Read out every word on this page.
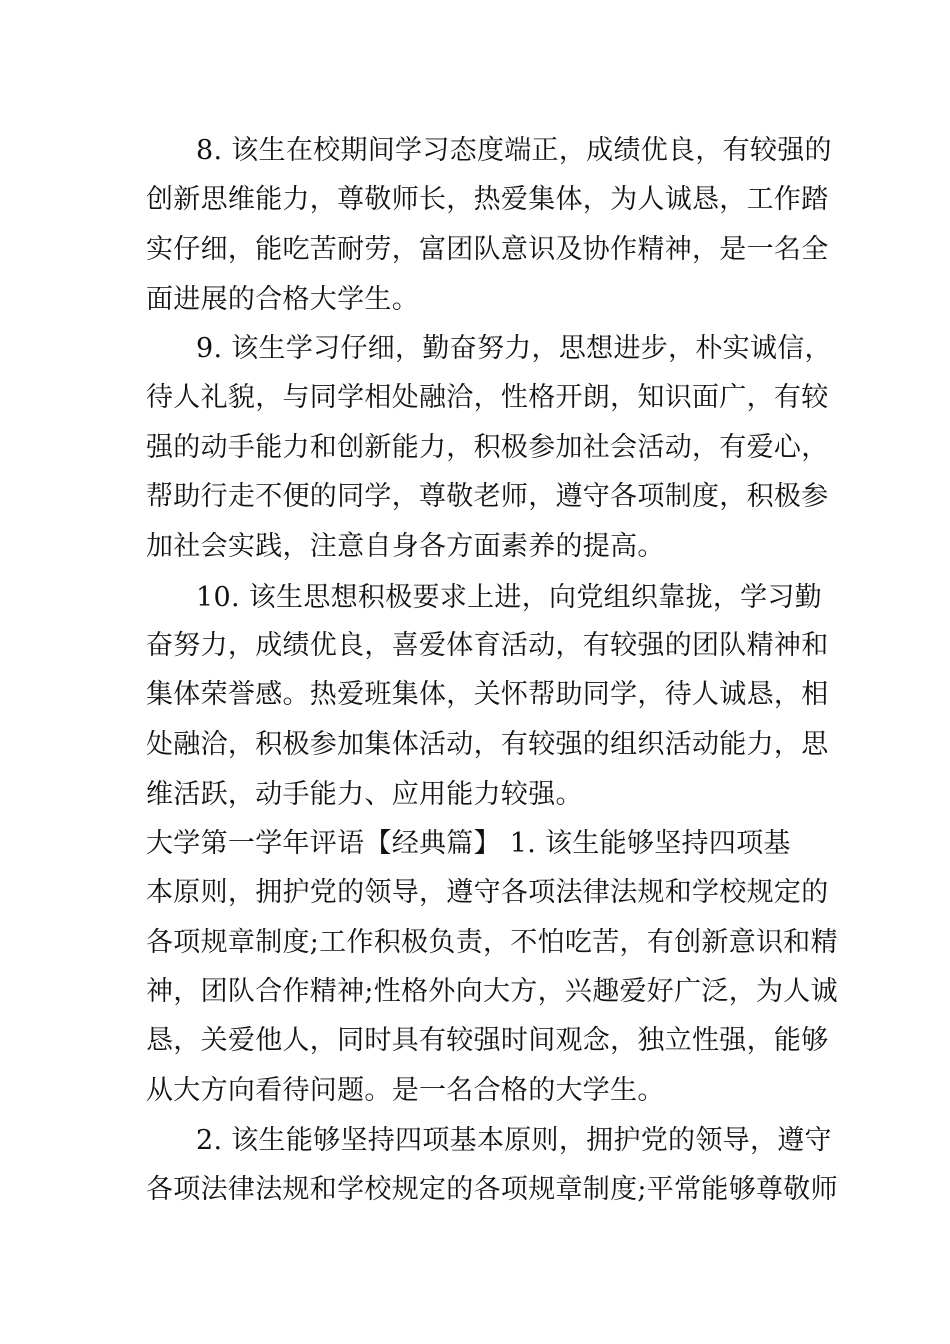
8. 该生在校期间学习态度端正，成绩优良，有较强的
创新思维能力，尊敬师长，热爱集体，为人诚恳，工作踏
实仔细，能吃苦耐劳，富团队意识及协作精神，是一名全
面进展的合格大学生。
9. 该生学习仔细，勤奋努力，思想进步，朴实诚信，
待人礼貌，与同学相处融洽，性格开朗，知识面广，有较
强的动手能力和创新能力，积极参加社会活动，有爱心，
帮助行走不便的同学，尊敬老师，遵守各项制度，积极参
加社会实践，注意自身各方面素养的提高。
10. 该生思想积极要求上进，向党组织靠拢，学习勤
奋努力，成绩优良，喜爱体育活动，有较强的团队精神和
集体荣誉感。热爱班集体，关怀帮助同学，待人诚恳，相
处融洽，积极参加集体活动，有较强的组织活动能力，思
维活跃，动手能力、应用能力较强。
大学第一学年评语【经典篇】 1. 该生能够坚持四项基
本原则，拥护党的领导，遵守各项法律法规和学校规定的
各项规章制度;工作积极负责，不怕吃苦，有创新意识和精
神，团队合作精神;性格外向大方，兴趣爱好广泛，为人诚
恳，关爱他人，同时具有较强时间观念，独立性强，能够
从大方向看待问题。是一名合格的大学生。
2. 该生能够坚持四项基本原则，拥护党的领导，遵守
各项法律法规和学校规定的各项规章制度;平常能够尊敬师
